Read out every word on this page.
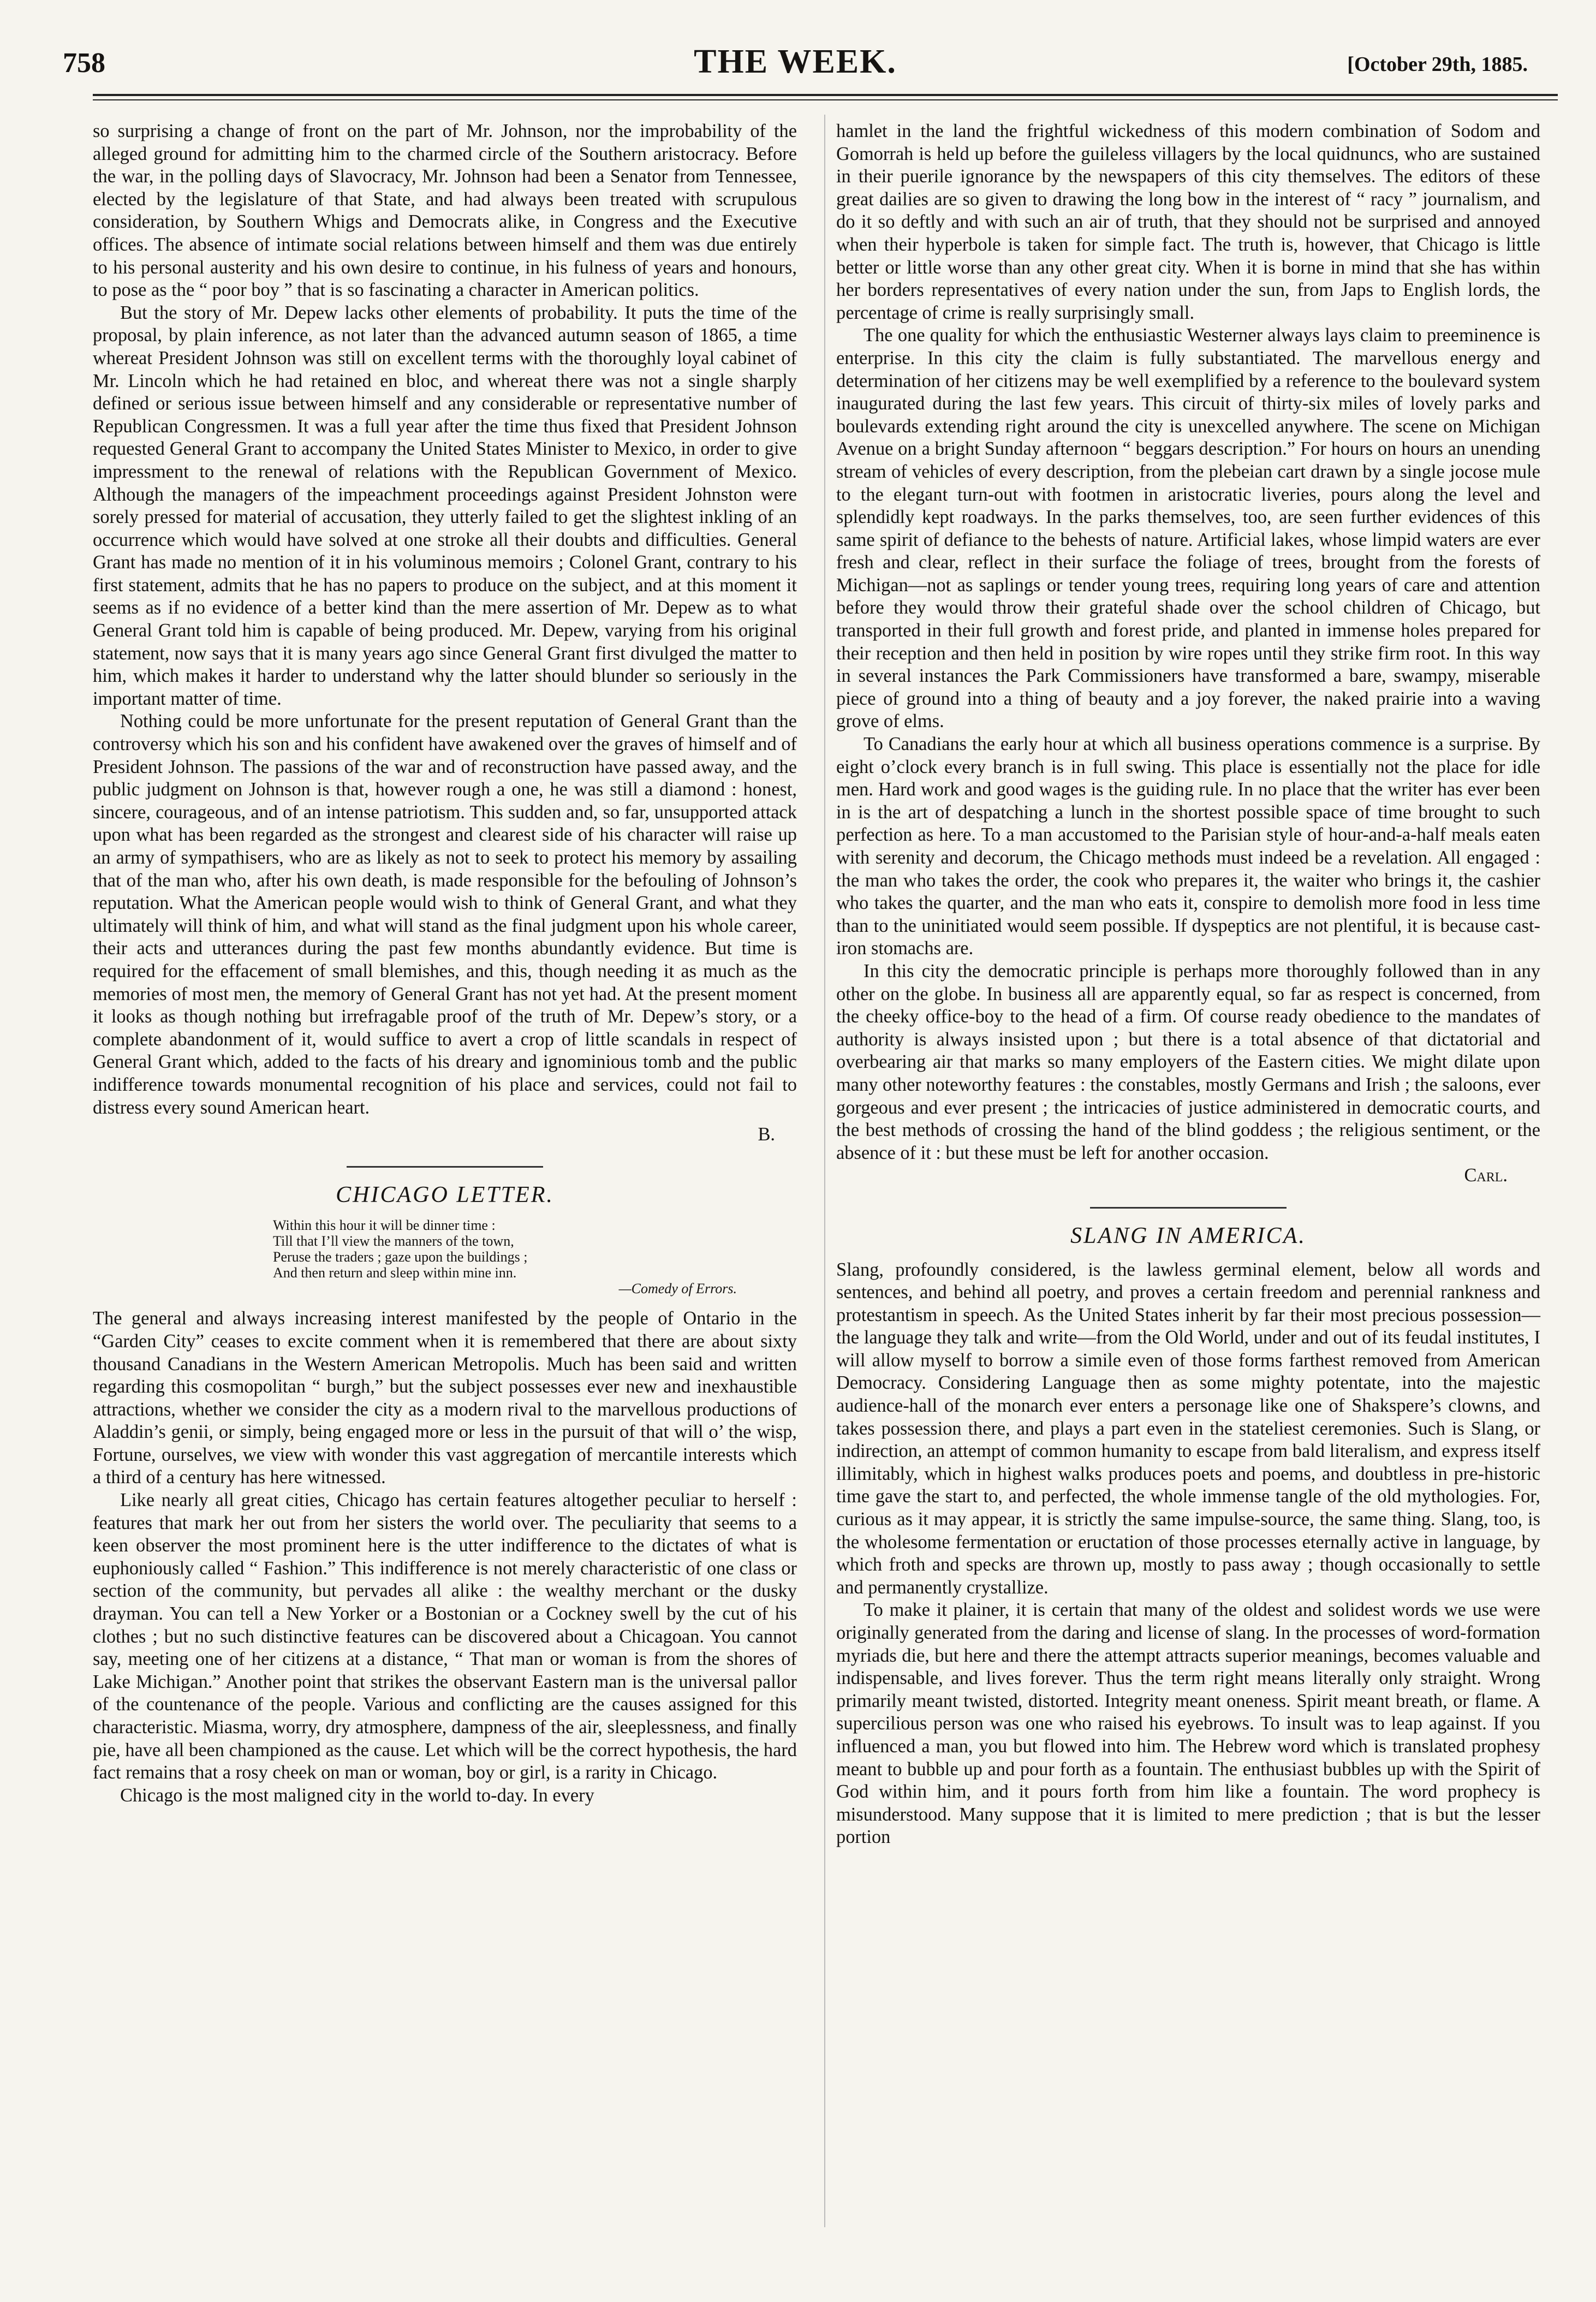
758	THE WEEK.	[October 29th, 1885.

so surprising a change of front on the part of Mr. Johnson, nor the improbability of the alleged ground for admitting him to the charmed circle of the Southern aristocracy. Before the war, in the polling days of Slavocracy, Mr. Johnson had been a Senator from Tennessee, elected by the legislature of that State, and had always been treated with scrupulous consideration, by Southern Whigs and Democrats alike, in Congress and the Executive offices. The absence of intimate social relations between himself and them was due entirely to his personal austerity and his own desire to continue, in his fulness of years and honours, to pose as the “ poor boy ” that is so fascinating a character in American politics.

But the story of Mr. Depew lacks other elements of probability. It puts the time of the proposal, by plain inference, as not later than the advanced autumn season of 1865, a time whereat President Johnson was still on excellent terms with the thoroughly loyal cabinet of Mr. Lincoln which he had retained en bloc, and whereat there was not a single sharply defined or serious issue between himself and any considerable or representative number of Republican Congressmen. It was a full year after the time thus fixed that President Johnson requested General Grant to accompany the United States Minister to Mexico, in order to give impressment to the renewal of relations with the Republican Government of Mexico. Although the managers of the impeachment proceedings against President Johnston were sorely pressed for material of accusation, they utterly failed to get the slightest inkling of an occurrence which would have solved at one stroke all their doubts and difficulties. General Grant has made no mention of it in his voluminous memoirs ; Colonel Grant, contrary to his first statement, admits that he has no papers to produce on the subject, and at this moment it seems as if no evidence of a better kind than the mere assertion of Mr. Depew as to what General Grant told him is capable of being produced. Mr. Depew, varying from his original statement, now says that it is many years ago since General Grant first divulged the matter to him, which makes it harder to understand why the latter should blunder so seriously in the important matter of time.

Nothing could be more unfortunate for the present reputation of General Grant than the controversy which his son and his confident have awakened over the graves of himself and of President Johnson. The passions of the war and of reconstruction have passed away, and the public judgment on Johnson is that, however rough a one, he was still a diamond : honest, sincere, courageous, and of an intense patriotism. This sudden and, so far, unsupported attack upon what has been regarded as the strongest and clearest side of his character will raise up an army of sympathisers, who are as likely as not to seek to protect his memory by assailing that of the man who, after his own death, is made responsible for the befouling of Johnson’s reputation. What the American people would wish to think of General Grant, and what they ultimately will think of him, and what will stand as the final judgment upon his whole career, their acts and utterances during the past few months abundantly evidence. But time is required for the effacement of small blemishes, and this, though needing it as much as the memories of most men, the memory of General Grant has not yet had. At the present moment it looks as though nothing but irrefragable proof of the truth of Mr. Depew’s story, or a complete abandonment of it, would suffice to avert a crop of little scandals in respect of General Grant which, added to the facts of his dreary and ignominious tomb and the public indifference towards monumental recognition of his place and services, could not fail to distress every sound American heart.

B.
CHICAGO LETTER.
Within this hour it will be dinner time :
Till that I’ll view the manners of the town,
Peruse the traders ; gaze upon the buildings ;
And then return and sleep within mine inn.
—Comedy of Errors.

The general and always increasing interest manifested by the people of Ontario in the “Garden City” ceases to excite comment when it is remembered that there are about sixty thousand Canadians in the Western American Metropolis. Much has been said and written regarding this cosmopolitan “ burgh,” but the subject possesses ever new and inexhaustible attractions, whether we consider the city as a modern rival to the marvellous productions of Aladdin’s genii, or simply, being engaged more or less in the pursuit of that will o’ the wisp, Fortune, ourselves, we view with wonder this vast aggregation of mercantile interests which a third of a century has here witnessed.

Like nearly all great cities, Chicago has certain features altogether peculiar to herself : features that mark her out from her sisters the world over. The peculiarity that seems to a keen observer the most prominent here is the utter indifference to the dictates of what is euphoniously called “ Fashion.” This indifference is not merely characteristic of one class or section of the community, but pervades all alike : the wealthy merchant or the dusky drayman. You can tell a New Yorker or a Bostonian or a Cockney swell by the cut of his clothes ; but no such distinctive features can be discovered about a Chicagoan. You cannot say, meeting one of her citizens at a distance, “ That man or woman is from the shores of Lake Michigan.” Another point that strikes the observant Eastern man is the universal pallor of the countenance of the people. Various and conflicting are the causes assigned for this characteristic. Miasma, worry, dry atmosphere, dampness of the air, sleeplessness, and finally pie, have all been championed as the cause. Let which will be the correct hypothesis, the hard fact remains that a rosy cheek on man or woman, boy or girl, is a rarity in Chicago.

Chicago is the most maligned city in the world to-day. In every

hamlet in the land the frightful wickedness of this modern combination of Sodom and Gomorrah is held up before the guileless villagers by the local quidnuncs, who are sustained in their puerile ignorance by the newspapers of this city themselves. The editors of these great dailies are so given to drawing the long bow in the interest of “ racy ” journalism, and do it so deftly and with such an air of truth, that they should not be surprised and annoyed when their hyperbole is taken for simple fact. The truth is, however, that Chicago is little better or little worse than any other great city. When it is borne in mind that she has within her borders representatives of every nation under the sun, from Japs to English lords, the percentage of crime is really surprisingly small.

The one quality for which the enthusiastic Westerner always lays claim to preeminence is enterprise. In this city the claim is fully substantiated. The marvellous energy and determination of her citizens may be well exemplified by a reference to the boulevard system inaugurated during the last few years. This circuit of thirty-six miles of lovely parks and boulevards extending right around the city is unexcelled anywhere. The scene on Michigan Avenue on a bright Sunday afternoon “ beggars description.” For hours on hours an unending stream of vehicles of every description, from the plebeian cart drawn by a single jocose mule to the elegant turn-out with footmen in aristocratic liveries, pours along the level and splendidly kept roadways. In the parks themselves, too, are seen further evidences of this same spirit of defiance to the behests of nature. Artificial lakes, whose limpid waters are ever fresh and clear, reflect in their surface the foliage of trees, brought from the forests of Michigan—not as saplings or tender young trees, requiring long years of care and attention before they would throw their grateful shade over the school children of Chicago, but transported in their full growth and forest pride, and planted in immense holes prepared for their reception and then held in position by wire ropes until they strike firm root. In this way in several instances the Park Commissioners have transformed a bare, swampy, miserable piece of ground into a thing of beauty and a joy forever, the naked prairie into a waving grove of elms.

To Canadians the early hour at which all business operations commence is a surprise. By eight o’clock every branch is in full swing. This place is essentially not the place for idle men. Hard work and good wages is the guiding rule. In no place that the writer has ever been in is the art of despatching a lunch in the shortest possible space of time brought to such perfection as here. To a man accustomed to the Parisian style of hour-and-a-half meals eaten with serenity and decorum, the Chicago methods must indeed be a revelation. All engaged : the man who takes the order, the cook who prepares it, the waiter who brings it, the cashier who takes the quarter, and the man who eats it, conspire to demolish more food in less time than to the uninitiated would seem possible. If dyspeptics are not plentiful, it is because cast-iron stomachs are.

In this city the democratic principle is perhaps more thoroughly followed than in any other on the globe. In business all are apparently equal, so far as respect is concerned, from the cheeky office-boy to the head of a firm. Of course ready obedience to the mandates of authority is always insisted upon ; but there is a total absence of that dictatorial and overbearing air that marks so many employers of the Eastern cities. We might dilate upon many other noteworthy features : the constables, mostly Germans and Irish ; the saloons, ever gorgeous and ever present ; the intricacies of justice administered in democratic courts, and the best methods of crossing the hand of the blind goddess ; the religious sentiment, or the absence of it : but these must be left for another occasion.

Carl.
SLANG IN AMERICA.

Slang, profoundly considered, is the lawless germinal element, below all words and sentences, and behind all poetry, and proves a certain freedom and perennial rankness and protestantism in speech. As the United States inherit by far their most precious possession—the language they talk and write—from the Old World, under and out of its feudal institutes, I will allow myself to borrow a simile even of those forms farthest removed from American Democracy. Considering Language then as some mighty potentate, into the majestic audience-hall of the monarch ever enters a personage like one of Shakspere’s clowns, and takes possession there, and plays a part even in the stateliest ceremonies. Such is Slang, or indirection, an attempt of common humanity to escape from bald literalism, and express itself illimitably, which in highest walks produces poets and poems, and doubtless in pre-historic time gave the start to, and perfected, the whole immense tangle of the old mythologies. For, curious as it may appear, it is strictly the same impulse-source, the same thing. Slang, too, is the wholesome fermentation or eructation of those processes eternally active in language, by which froth and specks are thrown up, mostly to pass away ; though occasionally to settle and permanently crystallize.

To make it plainer, it is certain that many of the oldest and solidest words we use were originally generated from the daring and license of slang. In the processes of word-formation myriads die, but here and there the attempt attracts superior meanings, becomes valuable and indispensable, and lives forever. Thus the term right means literally only straight. Wrong primarily meant twisted, distorted. Integrity meant oneness. Spirit meant breath, or flame. A supercilious person was one who raised his eyebrows. To insult was to leap against. If you influenced a man, you but flowed into him. The Hebrew word which is translated prophesy meant to bubble up and pour forth as a fountain. The enthusiast bubbles up with the Spirit of God within him, and it pours forth from him like a fountain. The word prophecy is misunderstood. Many suppose that it is limited to mere prediction ; that is but the lesser portion
